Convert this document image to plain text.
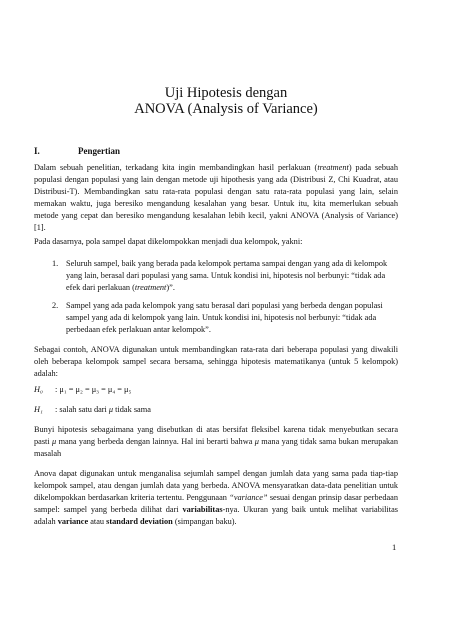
Uji Hipotesis dengan
ANOVA (Analysis of Variance)
I.	Pengertian

Dalam sebuah penelitian, terkadang kita ingin membandingkan hasil perlakuan (treatment) pada sebuah populasi dengan populasi yang lain dengan metode uji hipothesis yang ada (Distribusi Z, Chi Kuadrat, atau Distribusi-T). Membandingkan satu rata-rata populasi dengan satu rata-rata populasi yang lain, selain memakan waktu, juga beresiko mengandung kesalahan yang besar. Untuk itu, kita memerlukan sebuah metode yang cepat dan beresiko mengandung kesalahan lebih kecil, yakni ANOVA (Analysis of Variance) [1].

Pada dasarnya, pola sampel dapat dikelompokkan menjadi dua kelompok, yakni:

1. Seluruh sampel, baik yang berada pada kelompok pertama sampai dengan yang ada di kelompok yang lain, berasal dari populasi yang sama. Untuk kondisi ini, hipotesis nol berbunyi: “tidak ada efek dari perlakuan (treatment)”.
2. Sampel yang ada pada kelompok yang satu berasal dari populasi yang berbeda dengan populasi sampel yang ada di kelompok yang lain. Untuk kondisi ini, hipotesis nol berbunyi: “tidak ada perbedaan efek perlakuan antar kelompok”.

Sebagai contoh, ANOVA digunakan untuk membandingkan rata-rata dari beberapa populasi yang diwakili oleh beberapa kelompok sampel secara bersama, sehingga hipotesis matematikanya (untuk 5 kelompok) adalah:

H₀ : μ₁ = μ₂ = μ₃ = μ₄ = μ₅
H₁ : salah satu dari μ tidak sama

Bunyi hipotesis sebagaimana yang disebutkan di atas bersifat fleksibel karena tidak menyebutkan secara pasti μ mana yang berbeda dengan lainnya. Hal ini berarti bahwa μ mana yang tidak sama bukan merupakan masalah

Anova dapat digunakan untuk menganalisa sejumlah sampel dengan jumlah data yang sama pada tiap-tiap kelompok sampel, atau dengan jumlah data yang berbeda. ANOVA mensyaratkan data-data penelitian untuk dikelompokkan berdasarkan kriteria tertentu. Penggunaan “variance” sesuai dengan prinsip dasar perbedaan sampel: sampel yang berbeda dilihat dari variabilitas-nya. Ukuran yang baik untuk melihat variabilitas adalah variance atau standard deviation (simpangan baku).

1
